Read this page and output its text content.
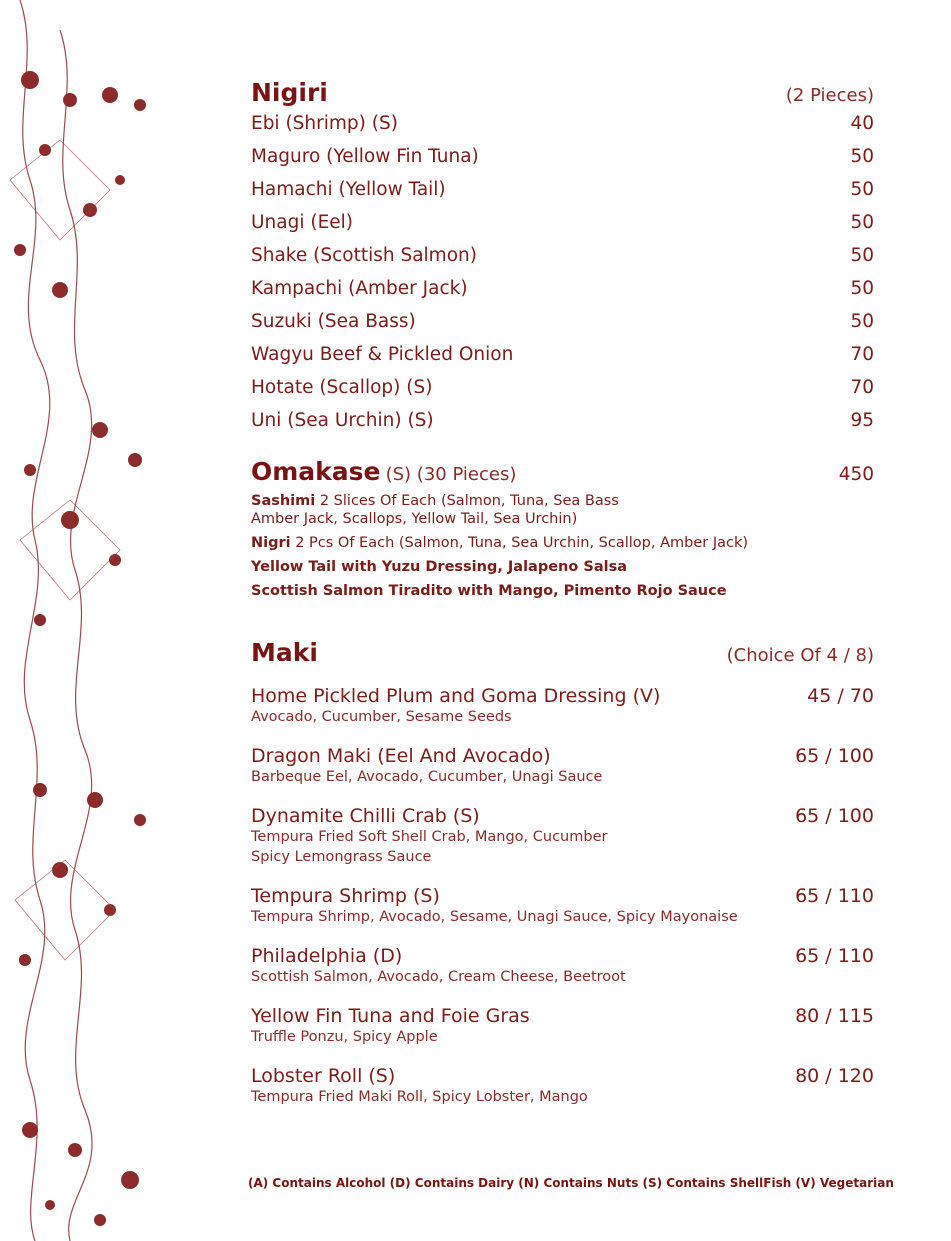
Nigiri	(2 Pieces)
Ebi (Shrimp) (S)	40
Maguro (Yellow Fin Tuna)	50
Hamachi (Yellow Tail)	50
Unagi (Eel)	50
Shake (Scottish Salmon)	50
Kampachi (Amber Jack)	50
Suzuki (Sea Bass)	50
Wagyu Beef & Pickled Onion	70
Hotate (Scallop) (S)	70
Uni (Sea Urchin) (S)	95
Omakase (S) (30 Pieces)	450
Sashimi 2 Slices Of Each (Salmon, Tuna, Sea Bass
Amber Jack, Scallops, Yellow Tail, Sea Urchin)
Nigri 2 Pcs Of Each (Salmon, Tuna, Sea Urchin, Scallop, Amber Jack)
Yellow Tail with Yuzu Dressing, Jalapeno Salsa
Scottish Salmon Tiradito with Mango, Pimento Rojo Sauce
Maki	(Choice Of 4 / 8)
Home Pickled Plum and Goma Dressing (V)	45 / 70
Avocado, Cucumber, Sesame Seeds
Dragon Maki (Eel And Avocado)	65 / 100
Barbeque Eel, Avocado, Cucumber, Unagi Sauce
Dynamite Chilli Crab (S)	65 / 100
Tempura Fried Soft Shell Crab, Mango, Cucumber
Spicy Lemongrass Sauce
Tempura Shrimp (S)	65 / 110
Tempura Shrimp, Avocado, Sesame, Unagi Sauce, Spicy Mayonaise
Philadelphia (D)	65 / 110
Scottish Salmon, Avocado, Cream Cheese, Beetroot
Yellow Fin Tuna and Foie Gras	80 / 115
Truffle Ponzu, Spicy Apple
Lobster Roll (S)	80 / 120
Tempura Fried Maki Roll, Spicy Lobster, Mango
(A) Contains Alcohol (D) Contains Dairy (N) Contains Nuts (S) Contains ShellFish (V) Vegetarian
